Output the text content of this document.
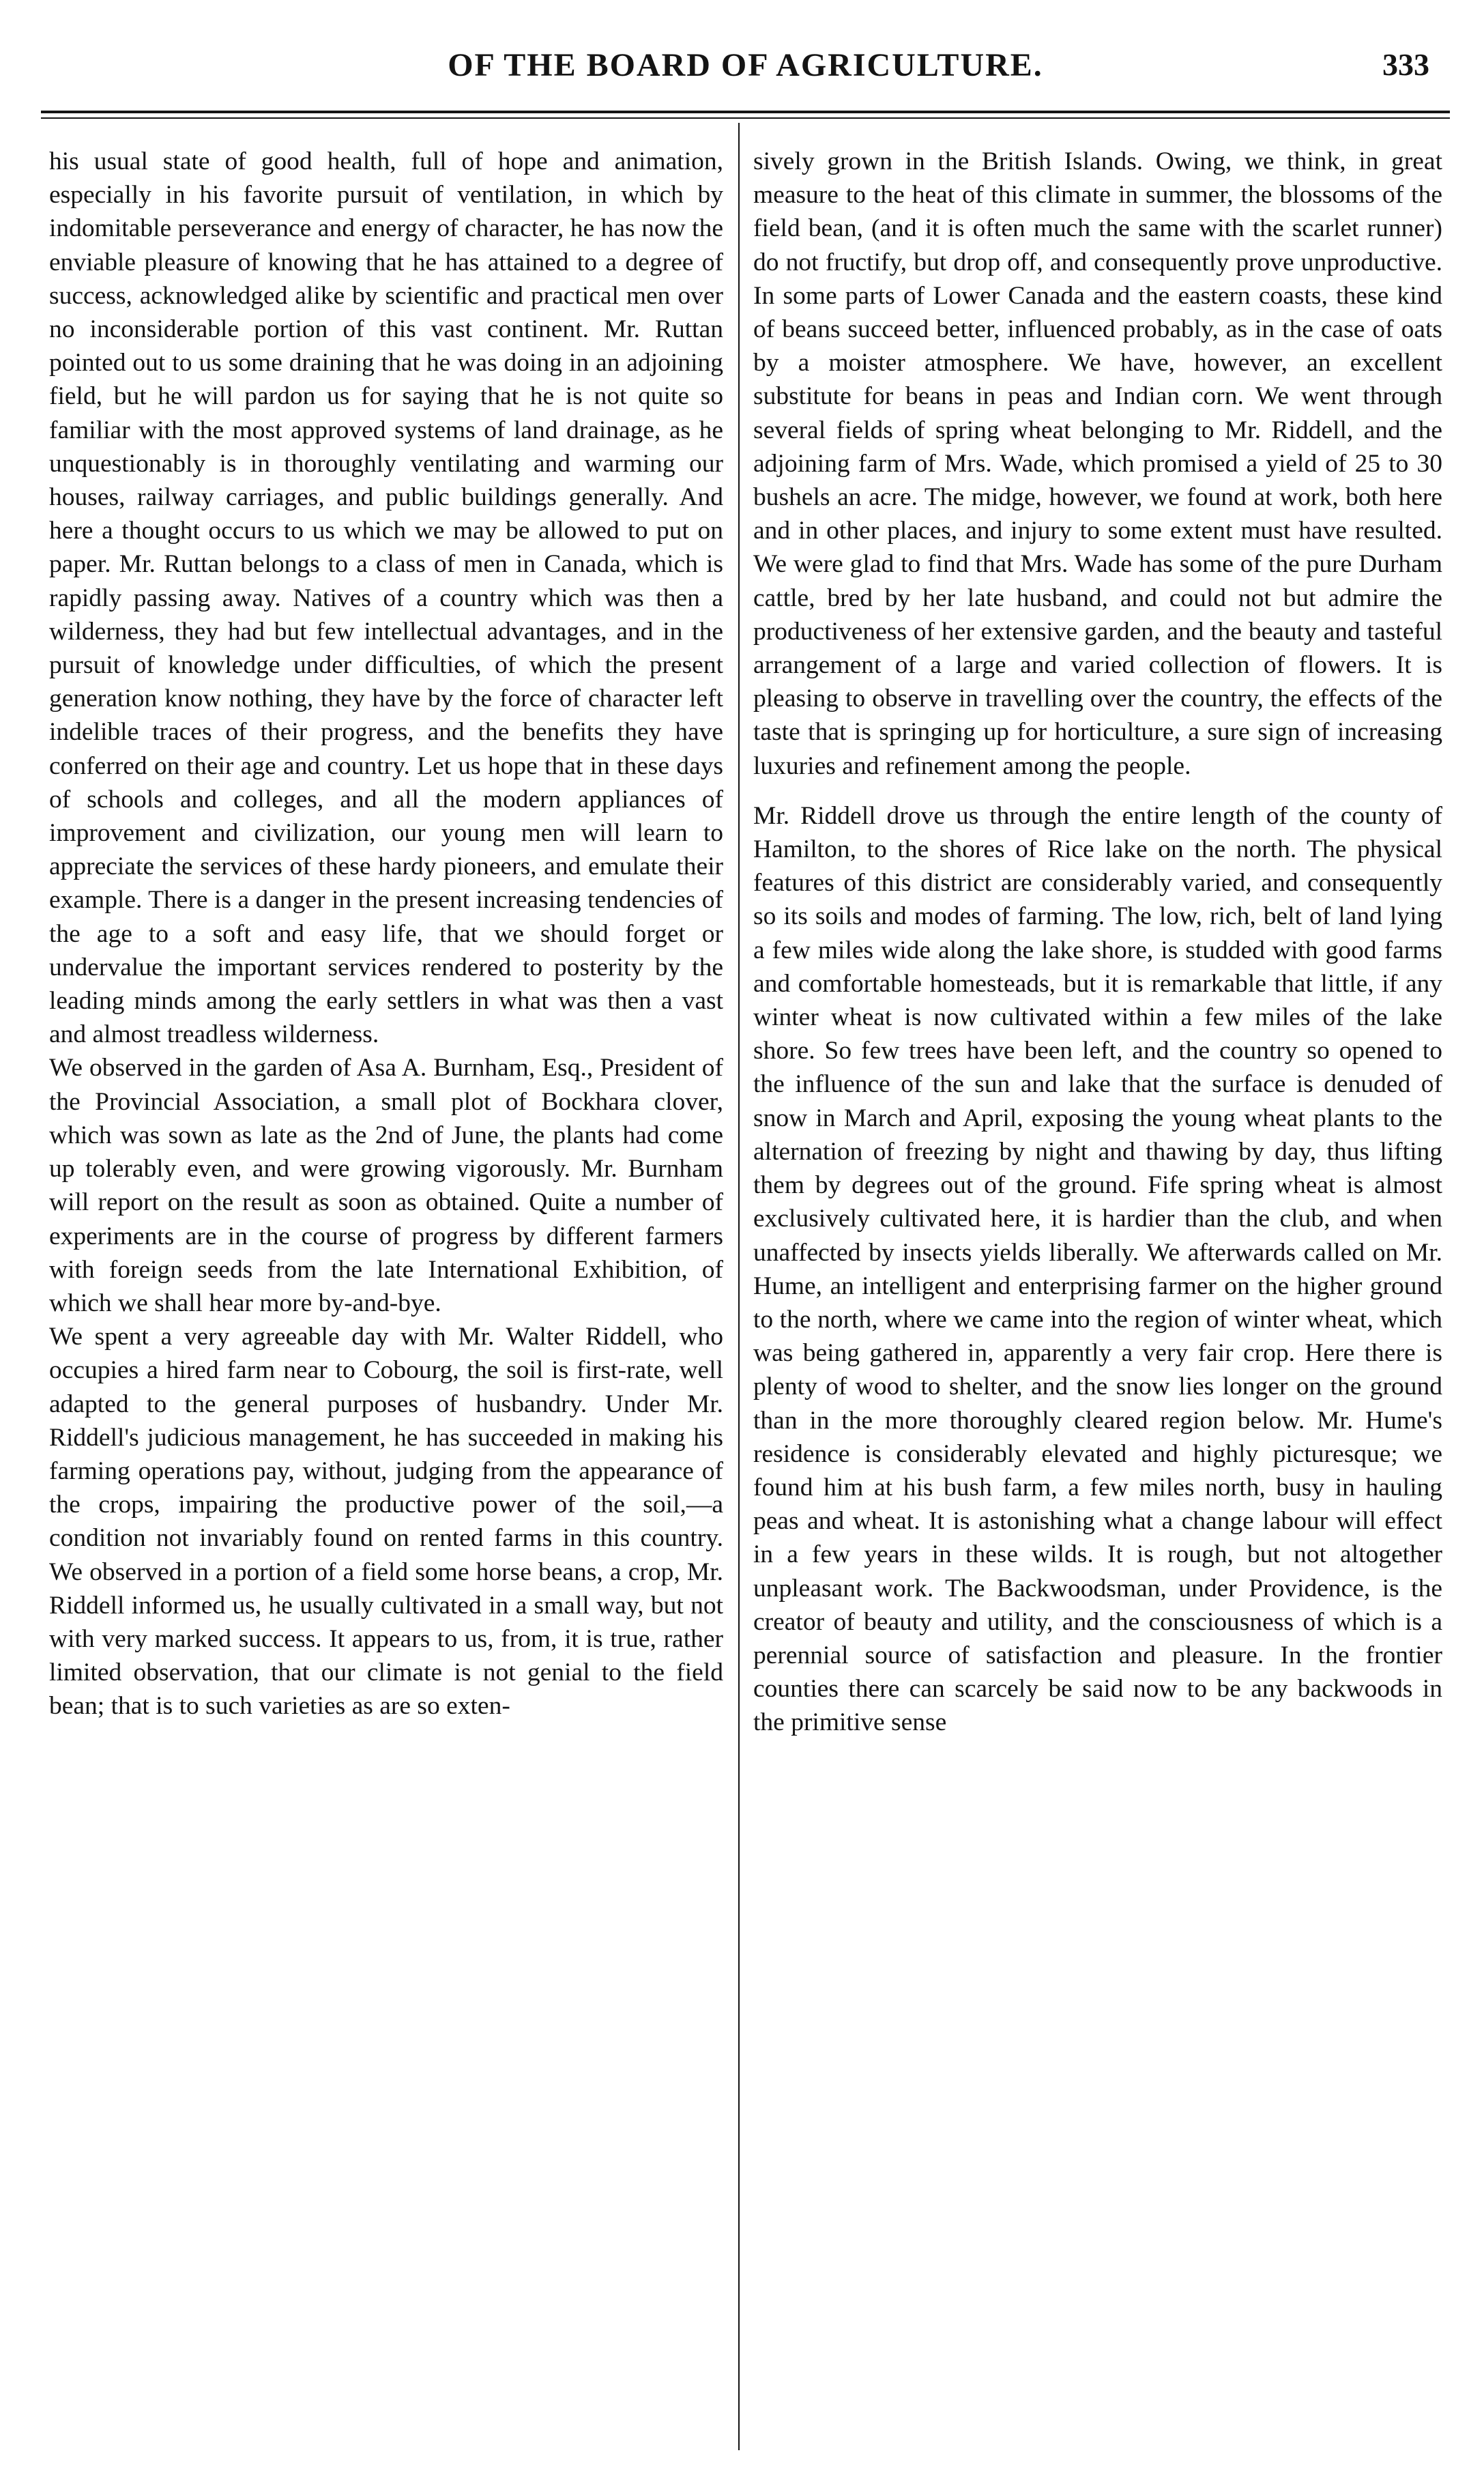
OF THE BOARD OF AGRICULTURE.	333

his usual state of good health, full of hope and animation, especially in his favorite pursuit of ventilation, in which by indomitable perseverance and energy of character, he has now the enviable pleasure of knowing that he has attained to a degree of success, acknowledged alike by scientific and practical men over no inconsiderable portion of this vast continent. Mr. Ruttan pointed out to us some draining that he was doing in an adjoining field, but he will pardon us for saying that he is not quite so familiar with the most approved systems of land drainage, as he unquestionably is in thoroughly ventilating and warming our houses, railway carriages, and public buildings generally. And here a thought occurs to us which we may be allowed to put on paper. Mr. Ruttan belongs to a class of men in Canada, which is rapidly passing away. Natives of a country which was then a wilderness, they had but few intellectual advantages, and in the pursuit of knowledge under difficulties, of which the present generation know nothing, they have by the force of character left indelible traces of their progress, and the benefits they have conferred on their age and country. Let us hope that in these days of schools and colleges, and all the modern appliances of improvement and civilization, our young men will learn to appreciate the services of these hardy pioneers, and emulate their example. There is a danger in the present increasing tendencies of the age to a soft and easy life, that we should forget or undervalue the important services rendered to posterity by the leading minds among the early settlers in what was then a vast and almost treadless wilderness.

We observed in the garden of Asa A. Burnham, Esq., President of the Provincial Association, a small plot of Bockhara clover, which was sown as late as the 2nd of June, the plants had come up tolerably even, and were growing vigorously. Mr. Burnham will report on the result as soon as obtained. Quite a number of experiments are in the course of progress by different farmers with foreign seeds from the late International Exhibition, of which we shall hear more by-and-bye.

We spent a very agreeable day with Mr. Walter Riddell, who occupies a hired farm near to Cobourg, the soil is first-rate, well adapted to the general purposes of husbandry. Under Mr. Riddell's judicious management, he has succeeded in making his farming operations pay, without, judging from the appearance of the crops, impairing the productive power of the soil,—a condition not invariably found on rented farms in this country. We observed in a portion of a field some horse beans, a crop, Mr. Riddell informed us, he usually cultivated in a small way, but not with very marked success. It appears to us, from, it is true, rather limited observation, that our climate is not genial to the field bean; that is to such varieties as are so exten-

sively grown in the British Islands. Owing, we think, in great measure to the heat of this climate in summer, the blossoms of the field bean, (and it is often much the same with the scarlet runner) do not fructify, but drop off, and consequently prove unproductive. In some parts of Lower Canada and the eastern coasts, these kind of beans succeed better, influenced probably, as in the case of oats by a moister atmosphere. We have, however, an excellent substitute for beans in peas and Indian corn. We went through several fields of spring wheat belonging to Mr. Riddell, and the adjoining farm of Mrs. Wade, which promised a yield of 25 to 30 bushels an acre. The midge, however, we found at work, both here and in other places, and injury to some extent must have resulted. We were glad to find that Mrs. Wade has some of the pure Durham cattle, bred by her late husband, and could not but admire the productiveness of her extensive garden, and the beauty and tasteful arrangement of a large and varied collection of flowers. It is pleasing to observe in travelling over the country, the effects of the taste that is springing up for horticulture, a sure sign of increasing luxuries and refinement among the people.

Mr. Riddell drove us through the entire length of the county of Hamilton, to the shores of Rice lake on the north. The physical features of this district are considerably varied, and consequently so its soils and modes of farming. The low, rich, belt of land lying a few miles wide along the lake shore, is studded with good farms and comfortable homesteads, but it is remarkable that little, if any winter wheat is now cultivated within a few miles of the lake shore. So few trees have been left, and the country so opened to the influence of the sun and lake that the surface is denuded of snow in March and April, exposing the young wheat plants to the alternation of freezing by night and thawing by day, thus lifting them by degrees out of the ground. Fife spring wheat is almost exclusively cultivated here, it is hardier than the club, and when unaffected by insects yields liberally. We afterwards called on Mr. Hume, an intelligent and enterprising farmer on the higher ground to the north, where we came into the region of winter wheat, which was being gathered in, apparently a very fair crop. Here there is plenty of wood to shelter, and the snow lies longer on the ground than in the more thoroughly cleared region below. Mr. Hume's residence is considerably elevated and highly picturesque; we found him at his bush farm, a few miles north, busy in hauling peas and wheat. It is astonishing what a change labour will effect in a few years in these wilds. It is rough, but not altogether unpleasant work. The Backwoodsman, under Providence, is the creator of beauty and utility, and the consciousness of which is a perennial source of satisfaction and pleasure. In the frontier counties there can scarcely be said now to be any backwoods in the primitive sense
